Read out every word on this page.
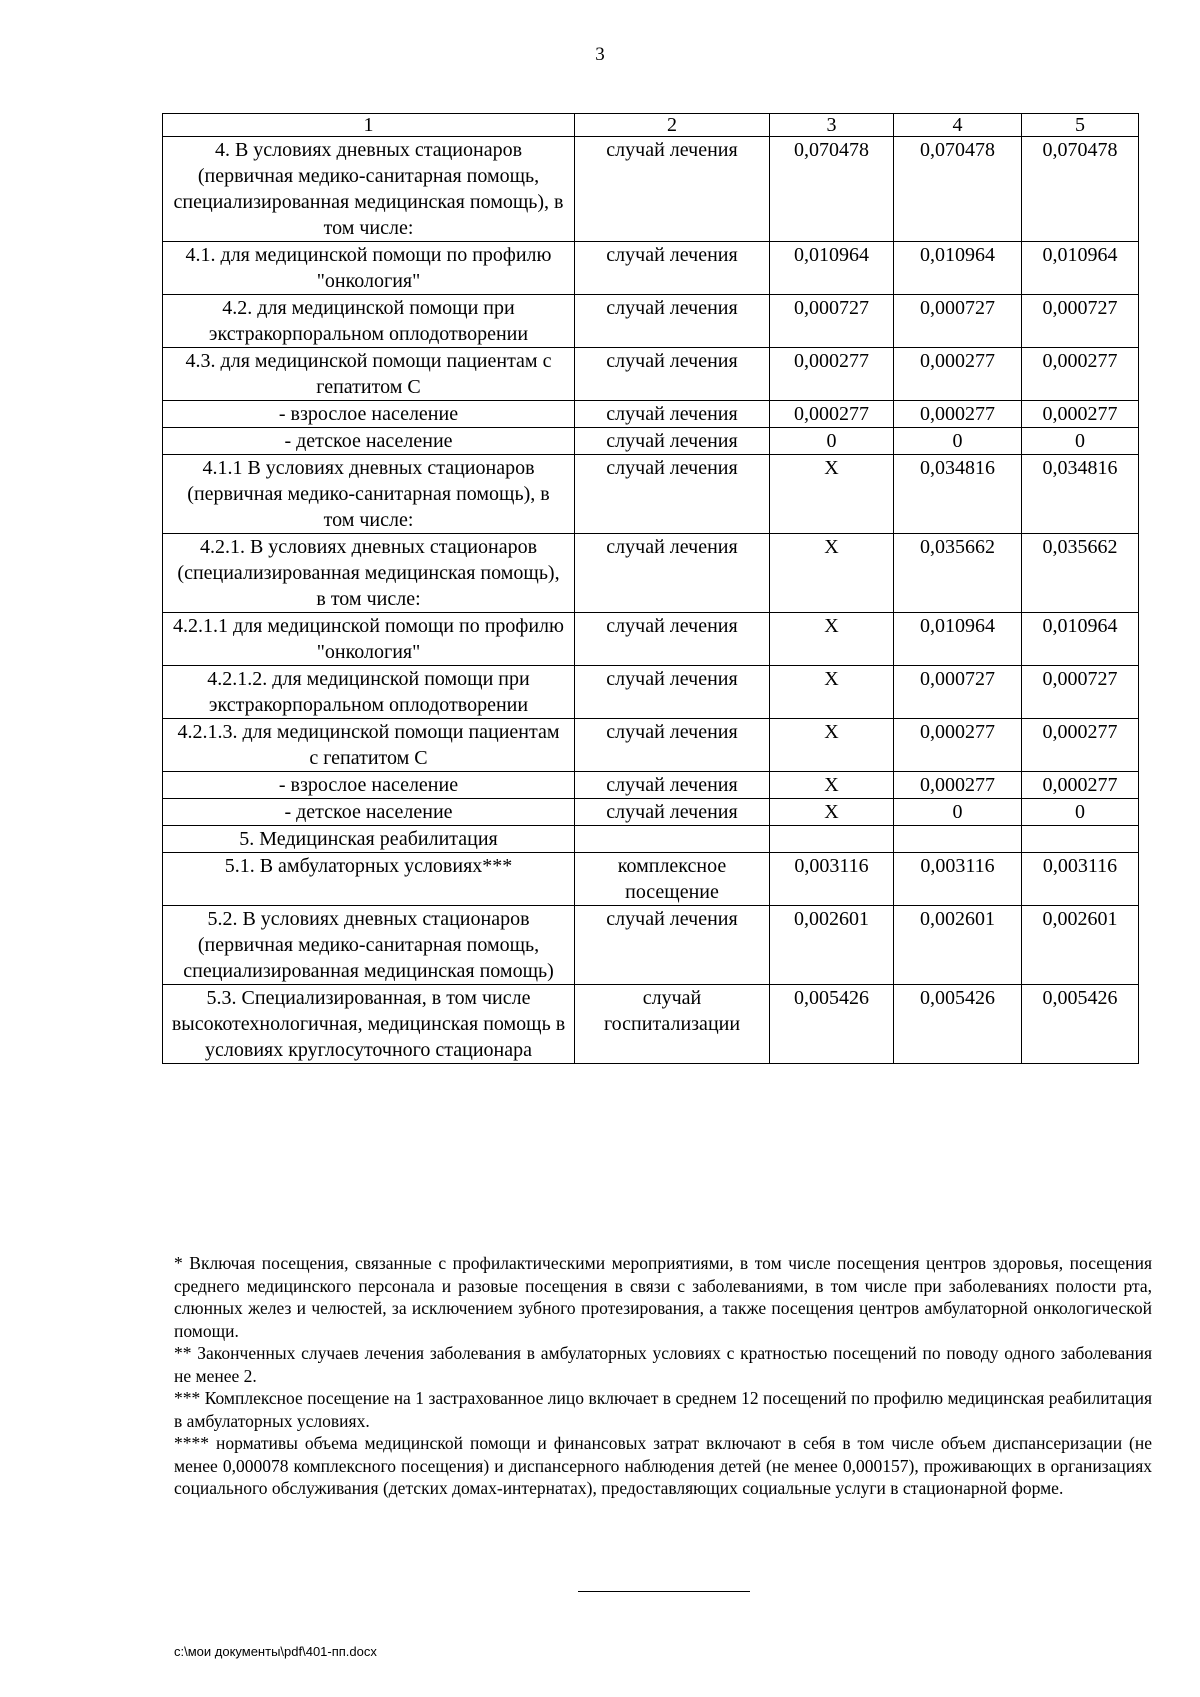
3
1	2	3	4	5
4. В условиях дневных стационаров (первичная медико-санитарная помощь, специализированная медицинская помощь), в том числе:	случай лечения	0,070478	0,070478	0,070478
4.1. для медицинской помощи по профилю "онкология"	случай лечения	0,010964	0,010964	0,010964
4.2. для медицинской помощи при экстракорпоральном оплодотворении	случай лечения	0,000727	0,000727	0,000727
4.3. для медицинской помощи пациентам с гепатитом С	случай лечения	0,000277	0,000277	0,000277
- взрослое население	случай лечения	0,000277	0,000277	0,000277
- детское население	случай лечения	0	0	0
4.1.1 В условиях дневных стационаров (первичная медико-санитарная помощь), в том числе:	случай лечения	Х	0,034816	0,034816
4.2.1. В условиях дневных стационаров (специализированная медицинская помощь), в том числе:	случай лечения	Х	0,035662	0,035662
4.2.1.1 для медицинской помощи по профилю "онкология"	случай лечения	Х	0,010964	0,010964
4.2.1.2. для медицинской помощи при экстракорпоральном оплодотворении	случай лечения	Х	0,000727	0,000727
4.2.1.3. для медицинской помощи пациентам с гепатитом С	случай лечения	Х	0,000277	0,000277
- взрослое население	случай лечения	Х	0,000277	0,000277
- детское население	случай лечения	Х	0	0
5. Медицинская реабилитация				
5.1. В амбулаторных условиях***	комплексное посещение	0,003116	0,003116	0,003116
5.2. В условиях дневных стационаров (первичная медико-санитарная помощь, специализированная медицинская помощь)	случай лечения	0,002601	0,002601	0,002601
5.3. Специализированная, в том числе высокотехнологичная, медицинская помощь в условиях круглосуточного стационара	случай госпитализации	0,005426	0,005426	0,005426

* Включая посещения, связанные с профилактическими мероприятиями, в том числе посещения центров здоровья, посещения среднего медицинского персонала и разовые посещения в связи с заболеваниями, в том числе при заболеваниях полости рта, слюнных желез и челюстей, за исключением зубного протезирования, а также посещения центров амбулаторной онкологической помощи.

** Законченных случаев лечения заболевания в амбулаторных условиях с кратностью посещений по поводу одного заболевания не менее 2.

*** Комплексное посещение на 1 застрахованное лицо включает в среднем 12 посещений по профилю медицинская реабилитация в амбулаторных условиях.

**** нормативы объема медицинской помощи и финансовых затрат включают в себя в том числе объем диспансеризации (не менее 0,000078 комплексного посещения) и диспансерного наблюдения детей (не менее 0,000157), проживающих в организациях социального обслуживания (детских домах-интернатах), предоставляющих социальные услуги в стационарной форме.

c:\мои документы\pdf\401-пп.docx
